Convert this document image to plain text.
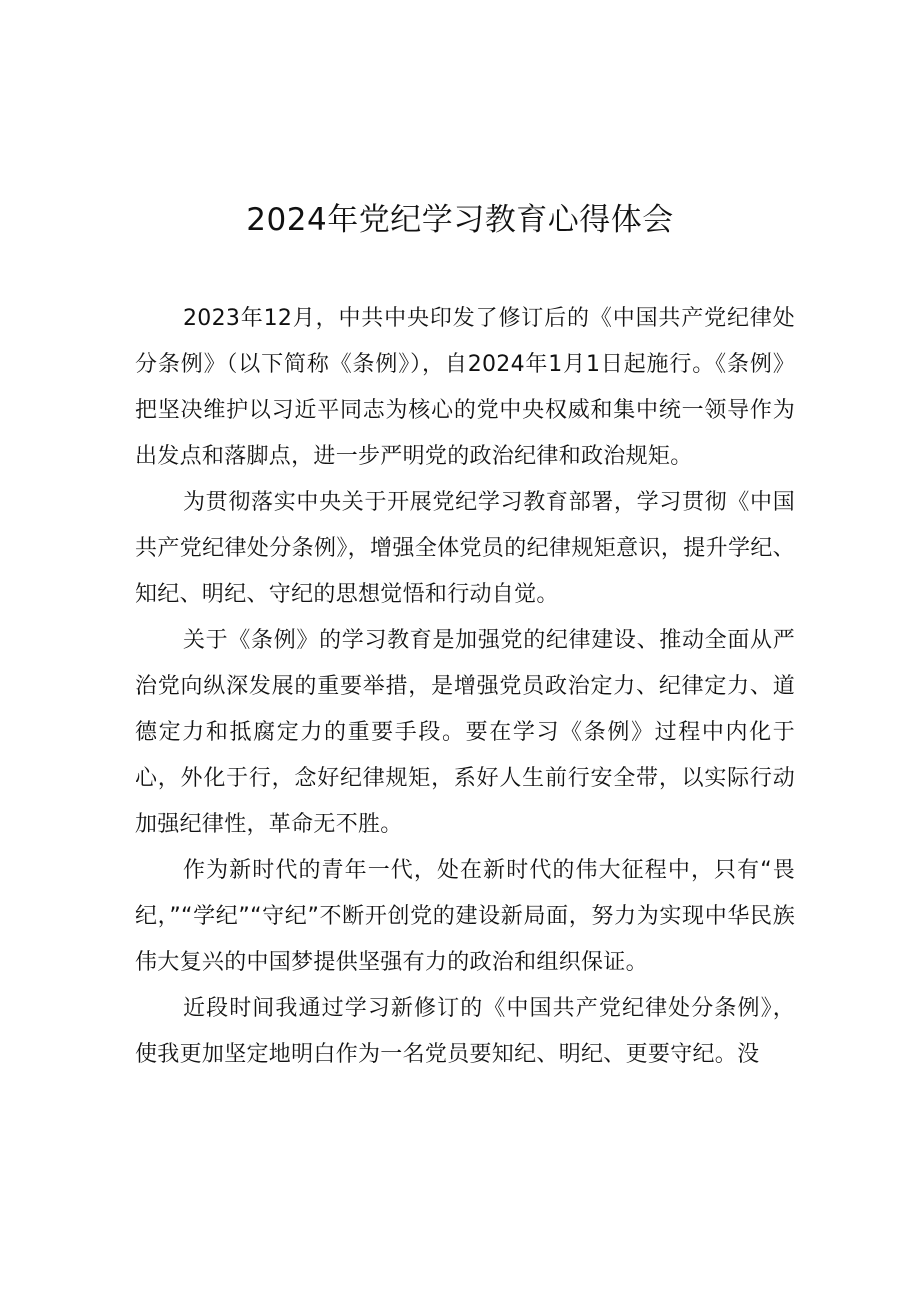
2024年党纪学习教育心得体会

2023年12月，中共中央印发了修订后的《中国共产党纪律处分条例》（以下简称《条例》），自2024年1月1日起施行。《条例》把坚决维护以习近平同志为核心的党中央权威和集中统一领导作为出发点和落脚点，进一步严明党的政治纪律和政治规矩。

为贯彻落实中央关于开展党纪学习教育部署，学习贯彻《中国共产党纪律处分条例》，增强全体党员的纪律规矩意识，提升学纪、知纪、明纪、守纪的思想觉悟和行动自觉。

关于《条例》的学习教育是加强党的纪律建设、推动全面从严治党向纵深发展的重要举措，是增强党员政治定力、纪律定力、道德定力和抵腐定力的重要手段。要在学习《条例》过程中内化于心，外化于行，念好纪律规矩，系好人生前行安全带，以实际行动加强纪律性，革命无不胜。

作为新时代的青年一代，处在新时代的伟大征程中，只有“畏纪，”“学纪”“守纪”不断开创党的建设新局面，努力为实现中华民族伟大复兴的中国梦提供坚强有力的政治和组织保证。

近段时间我通过学习新修订的《中国共产党纪律处分条例》，使我更加坚定地明白作为一名党员要知纪、明纪、更要守纪。没
